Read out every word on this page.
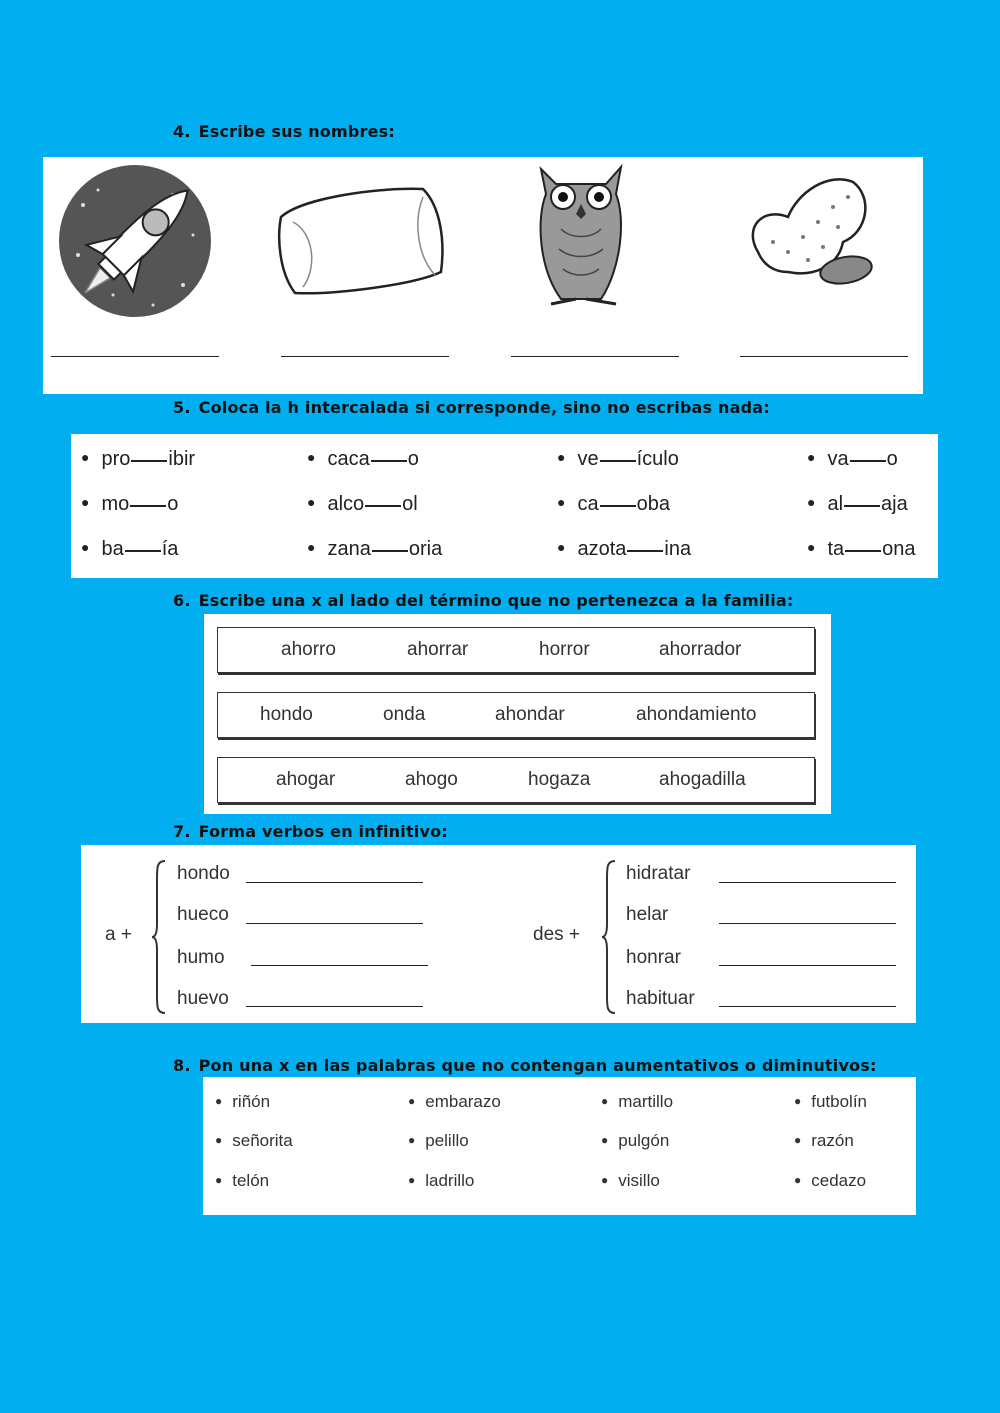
4. Escribe sus nombres:
5. Coloca la h intercalada si corresponde, sino no escribas nada:
● pro ibir	● caca o	● ve ículo	● va o
● mo o	● alco ol	● ca oba	● al aja
● ba ía	● zana oria	● azota ina	● ta ona
6. Escribe una x al lado del término que no pertenezca a la familia:
ahorro	ahorrar	horror	ahorrador
hondo	onda	ahondar	ahondamiento
ahogar	ahogo	hogaza	ahogadilla
7. Forma verbos en infinitivo:
a +
hondo
hueco
humo
huevo
des +
hidratar
helar
honrar
habituar
8. Pon una x en las palabras que no contengan aumentativos o diminutivos:
● riñón	● embarazo	● martillo	● futbolín
● señorita	● pelillo	● pulgón	● razón
● telón	● ladrillo	● visillo	● cedazo
